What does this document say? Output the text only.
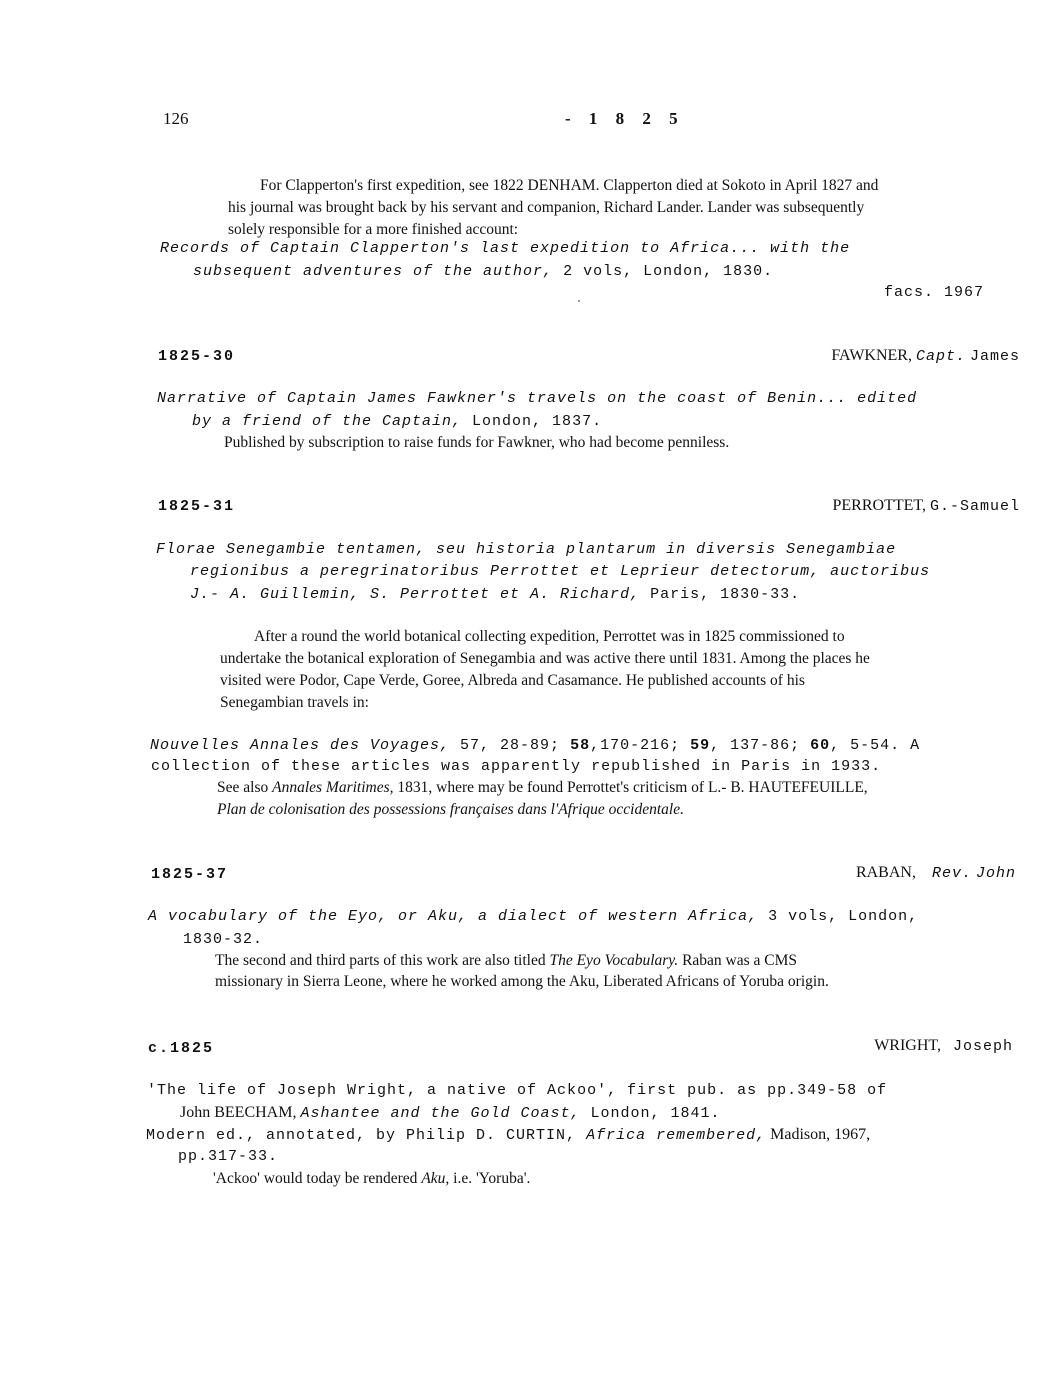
126	- 1 8 2 5
For Clapperton's first expedition, see 1822 DENHAM. Clapperton died at Sokoto in April 1827 and
his journal was brought back by his servant and companion, Richard Lander. Lander was subsequently
solely responsible for a more finished account:
Records of Captain Clapperton's last expedition to Africa... with the
subsequent adventures of the author, 2 vols, London, 1830.
facs. 1967
1825-30	FAWKNER, Capt. James
Narrative of Captain James Fawkner's travels on the coast of Benin... edited
by a friend of the Captain, London, 1837.
Published by subscription to raise funds for Fawkner, who had become penniless.
1825-31	PERROTTET, G.-Samuel
Florae Senegambie tentamen, seu historia plantarum in diversis Senegambiae
regionibus a peregrinatoribus Perrottet et Leprieur detectorum, auctoribus
J.- A. Guillemin, S. Perrottet et A. Richard, Paris, 1830-33.
After a round the world botanical collecting expedition, Perrottet was in 1825 commissioned to
undertake the botanical exploration of Senegambia and was active there until 1831. Among the places he
visited were Podor, Cape Verde, Goree, Albreda and Casamance. He published accounts of his
Senegambian travels in:
Nouvelles Annales des Voyages, 57, 28-89; 58,170-216; 59, 137-86; 60, 5-54. A
collection of these articles was apparently republished in Paris in 1933.
See also Annales Maritimes, 1831, where may be found Perrottet's criticism of L.- B. HAUTEFEUILLE,
Plan de colonisation des possessions françaises dans l'Afrique occidentale.
1825-37	RABAN, Rev. John
A vocabulary of the Eyo, or Aku, a dialect of western Africa, 3 vols, London,
1830-32.
The second and third parts of this work are also titled The Eyo Vocabulary. Raban was a CMS
missionary in Sierra Leone, where he worked among the Aku, Liberated Africans of Yoruba origin.
c.1825	WRIGHT, Joseph
'The life of Joseph Wright, a native of Ackoo', first pub. as pp.349-58 of
John BEECHAM, Ashantee and the Gold Coast, London, 1841.
Modern ed., annotated, by Philip D. CURTIN, Africa remembered, Madison, 1967,
pp.317-33.
'Ackoo' would today be rendered Aku, i.e. 'Yoruba'.
